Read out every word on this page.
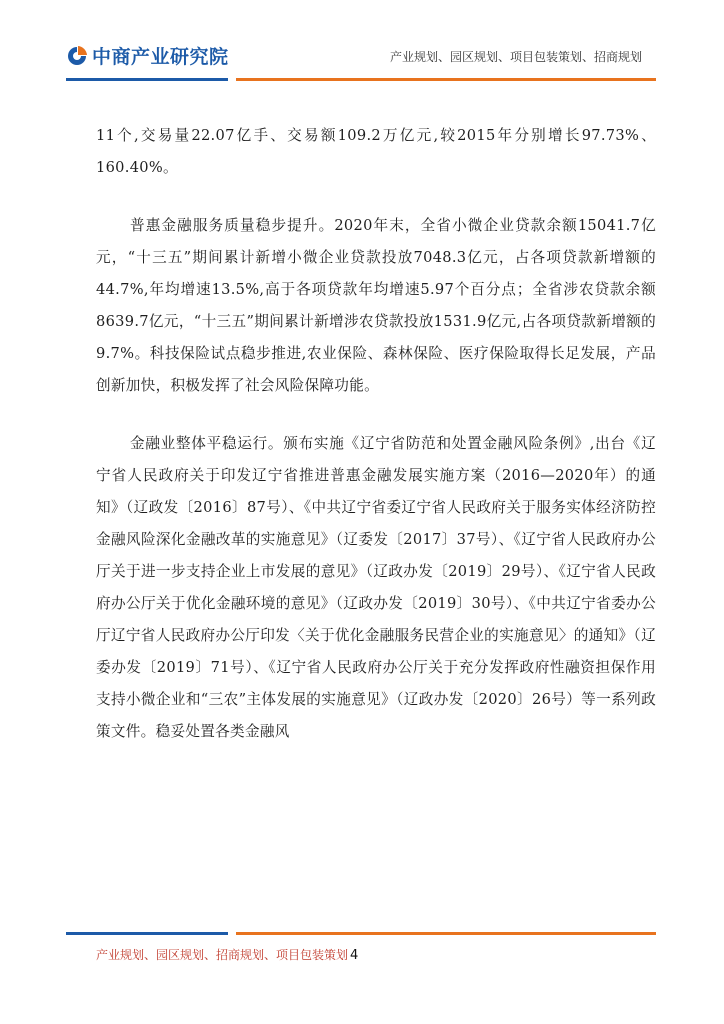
中商产业研究院	产业规划、园区规划、项目包装策划、招商规划

11个,交易量22.07亿手、交易额109.2万亿元,较2015年分别增长97.73%、160.40%。

普惠金融服务质量稳步提升。2020年末，全省小微企业贷款余额15041.7亿元，“十三五”期间累计新增小微企业贷款投放7048.3亿元，占各项贷款新增额的44.7%,年均增速13.5%,高于各项贷款年均增速5.97个百分点；全省涉农贷款余额8639.7亿元，“十三五”期间累计新增涉农贷款投放1531.9亿元,占各项贷款新增额的9.7%。科技保险试点稳步推进,农业保险、森林保险、医疗保险取得长足发展，产品创新加快，积极发挥了社会风险保障功能。

金融业整体平稳运行。颁布实施《辽宁省防范和处置金融风险条例》,出台《辽宁省人民政府关于印发辽宁省推进普惠金融发展实施方案（2016—2020年）的通知》（辽政发〔2016〕87号）、《中共辽宁省委辽宁省人民政府关于服务实体经济防控金融风险深化金融改革的实施意见》（辽委发〔2017〕37号）、《辽宁省人民政府办公厅关于进一步支持企业上市发展的意见》（辽政办发〔2019〕29号）、《辽宁省人民政府办公厅关于优化金融环境的意见》（辽政办发〔2019〕30号）、《中共辽宁省委办公厅辽宁省人民政府办公厅印发〈关于优化金融服务民营企业的实施意见〉的通知》（辽委办发〔2019〕71号）、《辽宁省人民政府办公厅关于充分发挥政府性融资担保作用支持小微企业和“三农”主体发展的实施意见》（辽政办发〔2020〕26号）等一系列政策文件。稳妥处置各类金融风

产业规划、园区规划、招商规划、项目包装策划 4
